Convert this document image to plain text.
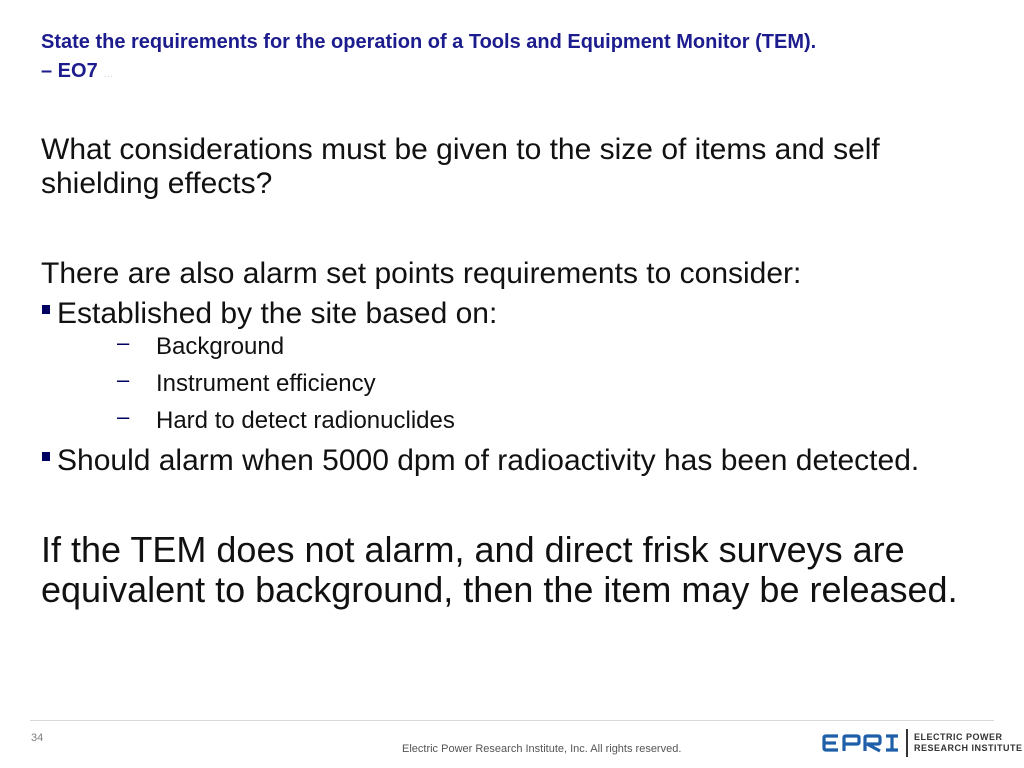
State the requirements for the operation of a Tools and Equipment Monitor (TEM).
– EO7 ...

What considerations must be given to the size of items and self shielding effects?

There are also alarm set points requirements to consider:

Established by the site based on:
– Background
– Instrument efficiency
– Hard to detect radionuclides
Should alarm when 5000 dpm of radioactivity has been detected.

If the TEM does not alarm, and direct frisk surveys are equivalent to background, then the item may be released.

34
Electric Power Research Institute, Inc. All rights reserved.
ELECTRIC POWER
RESEARCH INSTITUTE
